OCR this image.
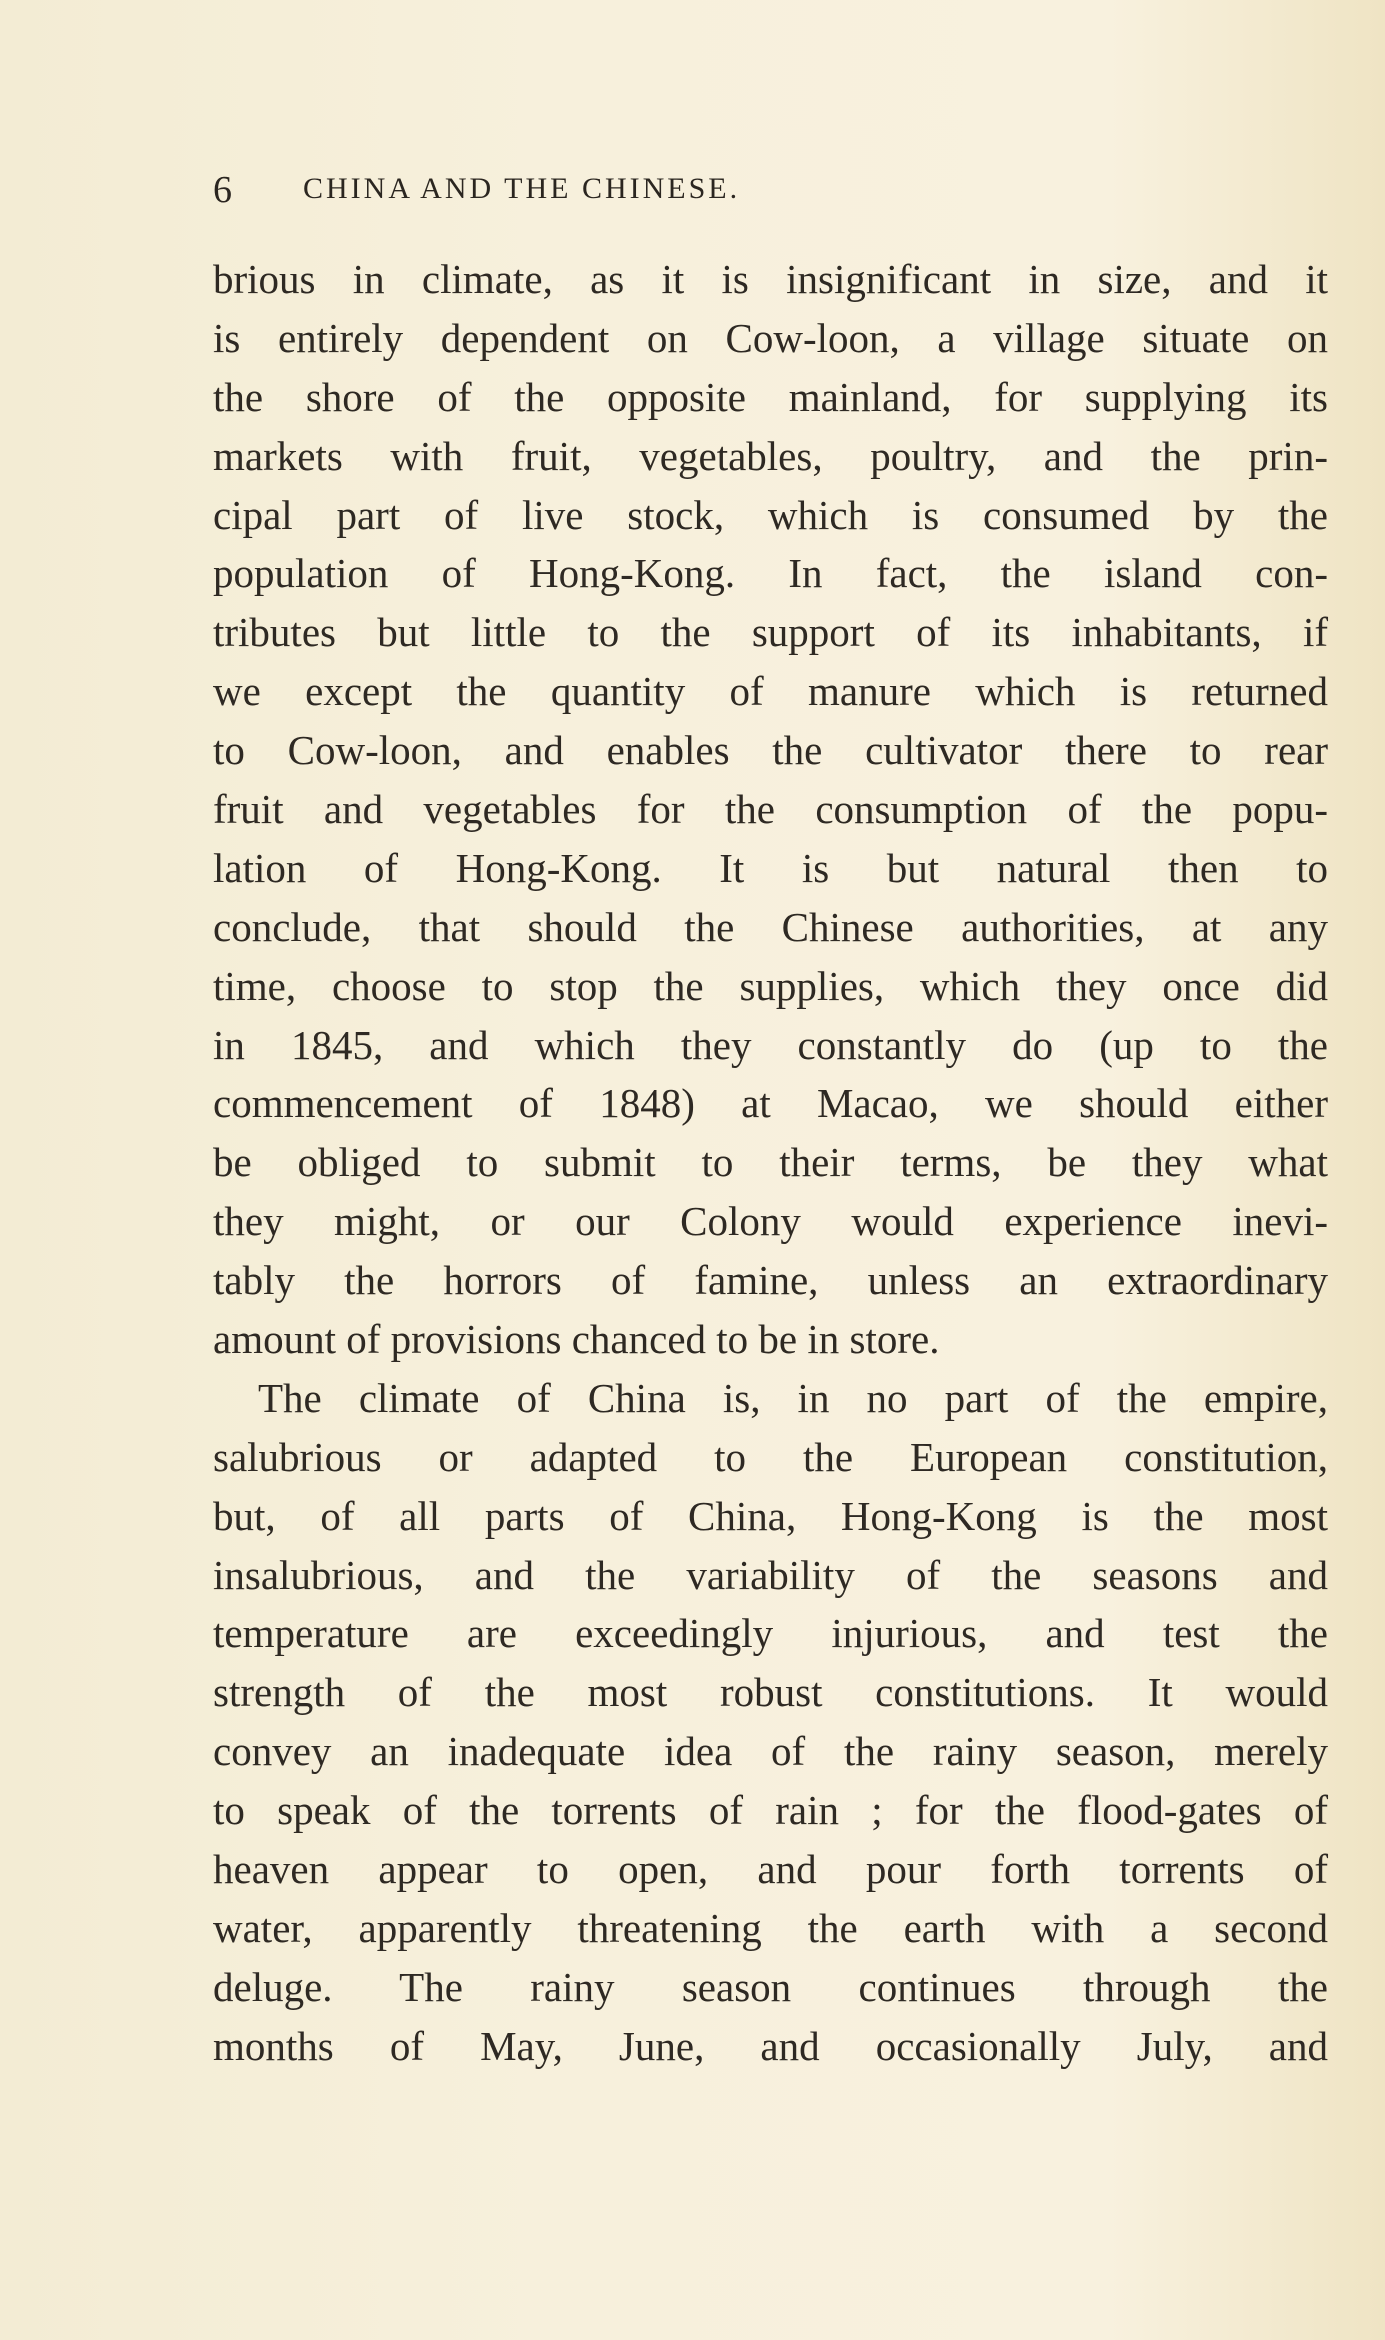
6 CHINA AND THE CHINESE.
brious in climate, as it is insignificant in size, and it
is entirely dependent on Cow-loon, a village situate on
the shore of the opposite mainland, for supplying its
markets with fruit, vegetables, poultry, and the prin-
cipal part of live stock, which is consumed by the
population of Hong-Kong. In fact, the island con-
tributes but little to the support of its inhabitants, if
we except the quantity of manure which is returned
to Cow-loon, and enables the cultivator there to rear
fruit and vegetables for the consumption of the popu-
lation of Hong-Kong. It is but natural then to
conclude, that should the Chinese authorities, at any
time, choose to stop the supplies, which they once did
in 1845, and which they constantly do (up to the
commencement of 1848) at Macao, we should either
be obliged to submit to their terms, be they what
they might, or our Colony would experience inevi-
tably the horrors of famine, unless an extraordinary
amount of provisions chanced to be in store.
The climate of China is, in no part of the empire,
salubrious or adapted to the European constitution,
but, of all parts of China, Hong-Kong is the most
insalubrious, and the variability of the seasons and
temperature are exceedingly injurious, and test the
strength of the most robust constitutions. It would
convey an inadequate idea of the rainy season, merely
to speak of the torrents of rain ; for the flood-gates of
heaven appear to open, and pour forth torrents of
water, apparently threatening the earth with a second
deluge. The rainy season continues through the
months of May, June, and occasionally July, and
